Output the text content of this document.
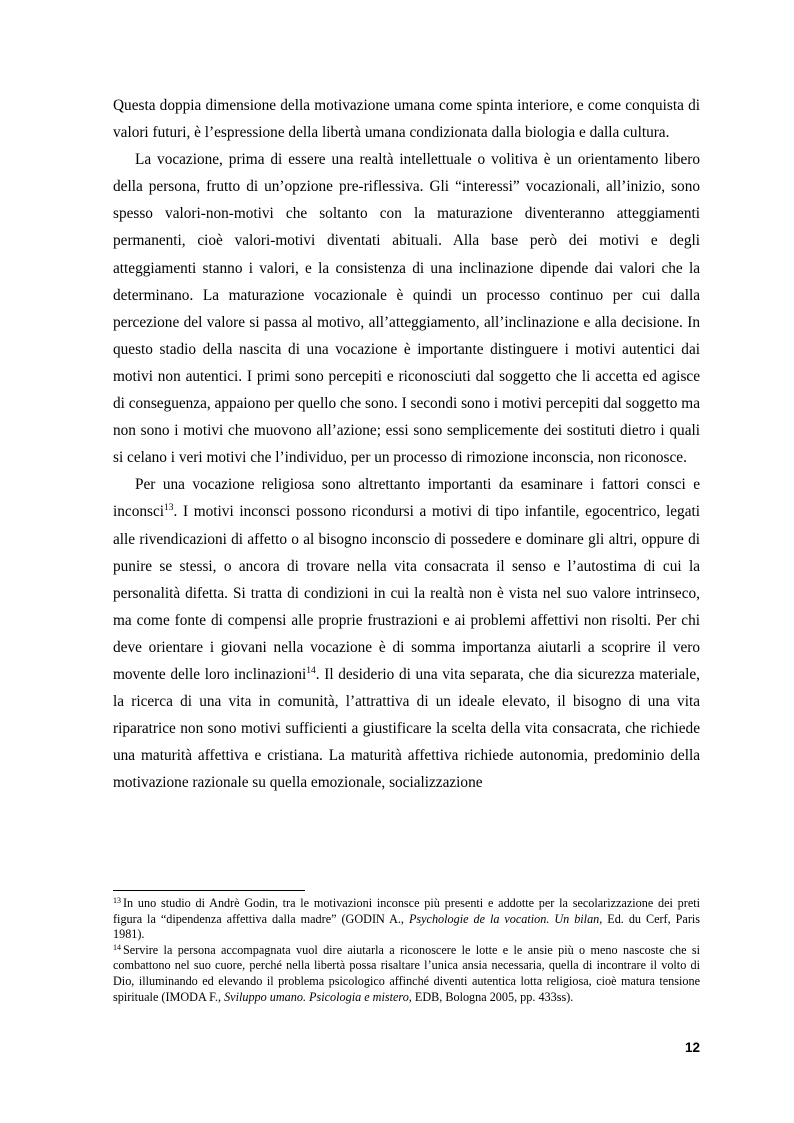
Questa doppia dimensione della motivazione umana come spinta interiore, e come conquista di valori futuri, è l’espressione della libertà umana condizionata dalla biologia e dalla cultura.

La vocazione, prima di essere una realtà intellettuale o volitiva è un orientamento libero della persona, frutto di un’opzione pre-riflessiva. Gli “interessi” vocazionali, all’inizio, sono spesso valori-non-motivi che soltanto con la maturazione diventeranno atteggiamenti permanenti, cioè valori-motivi diventati abituali. Alla base però dei motivi e degli atteggiamenti stanno i valori, e la consistenza di una inclinazione dipende dai valori che la determinano. La maturazione vocazionale è quindi un processo continuo per cui dalla percezione del valore si passa al motivo, all’atteggiamento, all’inclinazione e alla decisione. In questo stadio della nascita di una vocazione è importante distinguere i motivi autentici dai motivi non autentici. I primi sono percepiti e riconosciuti dal soggetto che li accetta ed agisce di conseguenza, appaiono per quello che sono. I secondi sono i motivi percepiti dal soggetto ma non sono i motivi che muovono all’azione; essi sono semplicemente dei sostituti dietro i quali si celano i veri motivi che l’individuo, per un processo di rimozione inconscia, non riconosce.

Per una vocazione religiosa sono altrettanto importanti da esaminare i fattori consci e inconsci$^{13}$. I motivi inconsci possono ricondursi a motivi di tipo infantile, egocentrico, legati alle rivendicazioni di affetto o al bisogno inconscio di possedere e dominare gli altri, oppure di punire se stessi, o ancora di trovare nella vita consacrata il senso e l’autostima di cui la personalità difetta. Si tratta di condizioni in cui la realtà non è vista nel suo valore intrinseco, ma come fonte di compensi alle proprie frustrazioni e ai problemi affettivi non risolti. Per chi deve orientare i giovani nella vocazione è di somma importanza aiutarli a scoprire il vero movente delle loro inclinazioni$^{14}$. Il desiderio di una vita separata, che dia sicurezza materiale, la ricerca di una vita in comunità, l’attrattiva di un ideale elevato, il bisogno di una vita riparatrice non sono motivi sufficienti a giustificare la scelta della vita consacrata, che richiede una maturità affettiva e cristiana. La maturità affettiva richiede autonomia, predominio della motivazione razionale su quella emozionale, socializzazione

$^{13}$ In uno studio di Andrè Godin, tra le motivazioni inconsce più presenti e addotte per la secolarizzazione dei preti figura la “dipendenza affettiva dalla madre” (GODIN A., Psychologie de la vocation. Un bilan, Ed. du Cerf, Paris 1981).

$^{14}$ Servire la persona accompagnata vuol dire aiutarla a riconoscere le lotte e le ansie più o meno nascoste che si combattono nel suo cuore, perché nella libertà possa risaltare l’unica ansia necessaria, quella di incontrare il volto di Dio, illuminando ed elevando il problema psicologico affinché diventi autentica lotta religiosa, cioè matura tensione spirituale (IMODA F., Sviluppo umano. Psicologia e mistero, EDB, Bologna 2005, pp. 433ss).

12
